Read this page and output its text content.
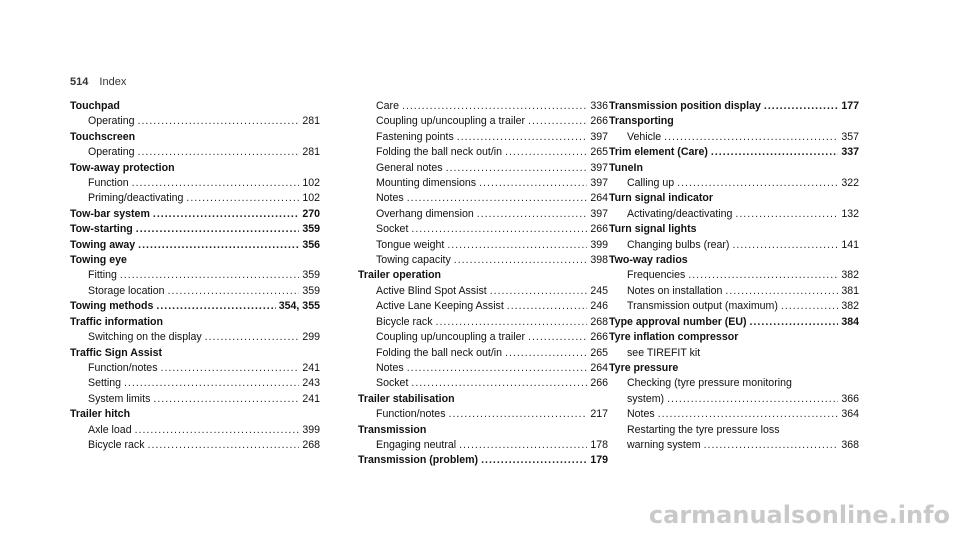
514 Index
Touchpad
Operating .....	281
Touchscreen
Operating .....	281
Tow-away protection
Function .....	102
Priming/deactivating .....	102
Tow-bar system .....	270
Tow-starting .....	359
Towing away .....	356
Towing eye
Fitting .....	359
Storage location .....	359
Towing methods .....	354, 355
Traffic information
Switching on the display .....	299
Traffic Sign Assist
Function/notes .....	241
Setting .....	243
System limits .....	241
Trailer hitch
Axle load .....	399
Bicycle rack .....	268
Care .....	336
Coupling up/uncoupling a trailer .....	266
Fastening points .....	397
Folding the ball neck out/in .....	265
General notes .....	397
Mounting dimensions .....	397
Notes .....	264
Overhang dimension .....	397
Socket .....	266
Tongue weight .....	399
Towing capacity .....	398
Trailer operation
Active Blind Spot Assist .....	245
Active Lane Keeping Assist .....	246
Bicycle rack .....	268
Coupling up/uncoupling a trailer .....	266
Folding the ball neck out/in .....	265
Notes .....	264
Socket .....	266
Trailer stabilisation
Function/notes .....	217
Transmission
Engaging neutral .....	178
Transmission (problem) .....	179
Transmission position display .....	177
Transporting
Vehicle .....	357
Trim element (Care) .....	337
TuneIn
Calling up .....	322
Turn signal indicator
Activating/deactivating .....	132
Turn signal lights
Changing bulbs (rear) .....	141
Two-way radios
Frequencies .....	382
Notes on installation .....	381
Transmission output (maximum) .....	382
Type approval number (EU) .....	384
Tyre inflation compressor
see TIREFIT kit
Tyre pressure
Checking (tyre pressure monitoring
system) .....	366
Notes .....	364
Restarting the tyre pressure loss
warning system .....	368
carmanualsonline.info
